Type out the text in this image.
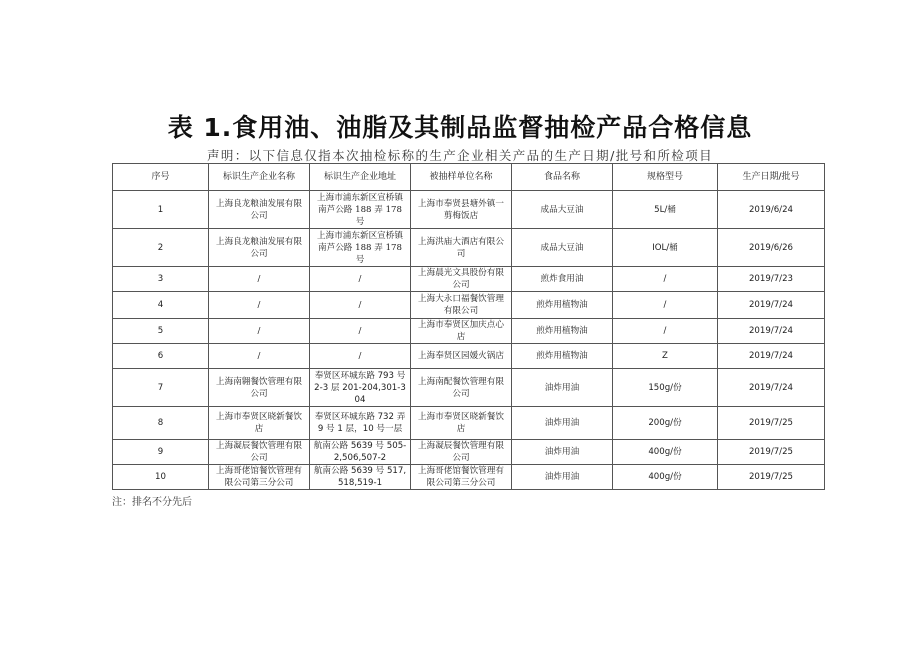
表 1.食用油、油脂及其制品监督抽检产品合格信息
声明：以下信息仅指本次抽检标称的生产企业相关产品的生产日期/批号和所检项目
序号	标识生产企业名称	标识生产企业地址	被抽样单位名称	食品名称	规格型号	生产日期/批号
1	上海良龙粮油发展有限公司	上海市浦东新区宣桥镇南芦公路 188 弄 178 号	上海市奉贤县塘外镇一剪梅饭店	成品大豆油	5L/桶	2019/6/24
2	上海良龙粮油发展有限公司	上海市浦东新区宣桥镇南芦公路 188 弄 178 号	上海洪庙大酒店有限公司	成品大豆油	IOL/桶	2019/6/26
3	/	/	上海晨光文具股份有限公司	煎炸食用油	/	2019/7/23
4	/	/	上海大永口福餐饮管理有限公司	煎炸用植物油	/	2019/7/24
5	/	/	上海市奉贤区加庆点心店	煎炸用植物油	/	2019/7/24
6	/	/	上海奉贤区园媛火锅店	煎炸用植物油	Z	2019/7/24
7	上海南翱餐饮管理有限公司	奉贤区环城东路 793 号 2-3 层 201-204,301-304	上海南配餐饮管理有限公司	油炸用油	150g/份	2019/7/24
8	上海市奉贤区晓新餐饮店	奉贤区环城东路 732 弄 9 号 1 层，10 号一层	上海市奉贤区晓新餐饮店	油炸用油	200g/份	2019/7/25
9	上海凝辰餐饮管理有限公司	航南公路 5639 号 505-2,506,507-2	上海凝辰餐饮管理有限公司	油炸用油	400g/份	2019/7/25
10	上海哥佬馆餐饮管理有限公司第三分公司	航南公路 5639 号 517,518,519-1	上海哥佬馆餐饮管理有限公司第三分公司	油炸用油	400g/份	2019/7/25
注：排名不分先后
